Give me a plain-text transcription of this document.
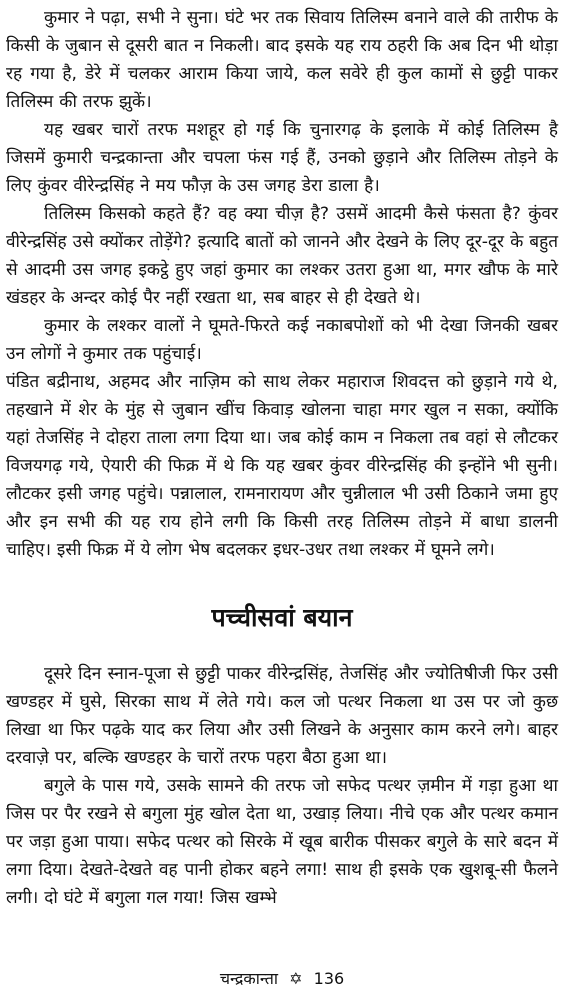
कुमार ने पढ़ा, सभी ने सुना। घंटे भर तक सिवाय तिलिस्म बनाने वाले की तारीफ के किसी के जुबान से दूसरी बात न निकली। बाद इसके यह राय ठहरी कि अब दिन भी थोड़ा रह गया है, डेरे में चलकर आराम किया जाये, कल सवेरे ही कुल कामों से छुट्टी पाकर तिलिस्म की तरफ झुकें।

यह खबर चारों तरफ मशहूर हो गई कि चुनारगढ़ के इलाके में कोई तिलिस्म है जिसमें कुमारी चन्द्रकान्ता और चपला फंस गई हैं, उनको छुड़ाने और तिलिस्म तोड़ने के लिए कुंवर वीरेन्द्रसिंह ने मय फौज़ के उस जगह डेरा डाला है।

तिलिस्म किसको कहते हैं? वह क्या चीज़ है? उसमें आदमी कैसे फंसता है? कुंवर वीरेन्द्रसिंह उसे क्योंकर तोड़ेंगे? इत्यादि बातों को जानने और देखने के लिए दूर-दूर के बहुत से आदमी उस जगह इकट्ठे हुए जहां कुमार का लश्कर उतरा हुआ था, मगर खौफ के मारे खंडहर के अन्दर कोई पैर नहीं रखता था, सब बाहर से ही देखते थे।

कुमार के लश्कर वालों ने घूमते-फिरते कई नकाबपोशों को भी देखा जिनकी खबर उन लोगों ने कुमार तक पहुंचाई।

पंडित बद्रीनाथ, अहमद और नाज़िम को साथ लेकर महाराज शिवदत्त को छुड़ाने गये थे, तहखाने में शेर के मुंह से जुबान खींच किवाड़ खोलना चाहा मगर खुल न सका, क्योंकि यहां तेजसिंह ने दोहरा ताला लगा दिया था। जब कोई काम न निकला तब वहां से लौटकर विजयगढ़ गये, ऐयारी की फिक्र में थे कि यह खबर कुंवर वीरेन्द्रसिंह की इन्होंने भी सुनी। लौटकर इसी जगह पहुंचे। पन्नालाल, रामनारायण और चुन्नीलाल भी उसी ठिकाने जमा हुए और इन सभी की यह राय होने लगी कि किसी तरह तिलिस्म तोड़ने में बाधा डालनी चाहिए। इसी फिक्र में ये लोग भेष बदलकर इधर-उधर तथा लश्कर में घूमने लगे।

पच्चीसवां बयान

दूसरे दिन स्नान-पूजा से छुट्टी पाकर वीरेन्द्रसिंह, तेजसिंह और ज्योतिषीजी फिर उसी खण्डहर में घुसे, सिरका साथ में लेते गये। कल जो पत्थर निकला था उस पर जो कुछ लिखा था फिर पढ़के याद कर लिया और उसी लिखने के अनुसार काम करने लगे। बाहर दरवाज़े पर, बल्कि खण्डहर के चारों तरफ पहरा बैठा हुआ था।

बगुले के पास गये, उसके सामने की तरफ जो सफेद पत्थर ज़मीन में गड़ा हुआ था जिस पर पैर रखने से बगुला मुंह खोल देता था, उखाड़ लिया। नीचे एक और पत्थर कमान पर जड़ा हुआ पाया। सफेद पत्थर को सिरके में खूब बारीक पीसकर बगुले के सारे बदन में लगा दिया। देखते-देखते वह पानी होकर बहने लगा! साथ ही इसके एक खुशबू-सी फैलने लगी। दो घंटे में बगुला गल गया! जिस खम्भे

चन्द्रकान्ता ✡ 136
